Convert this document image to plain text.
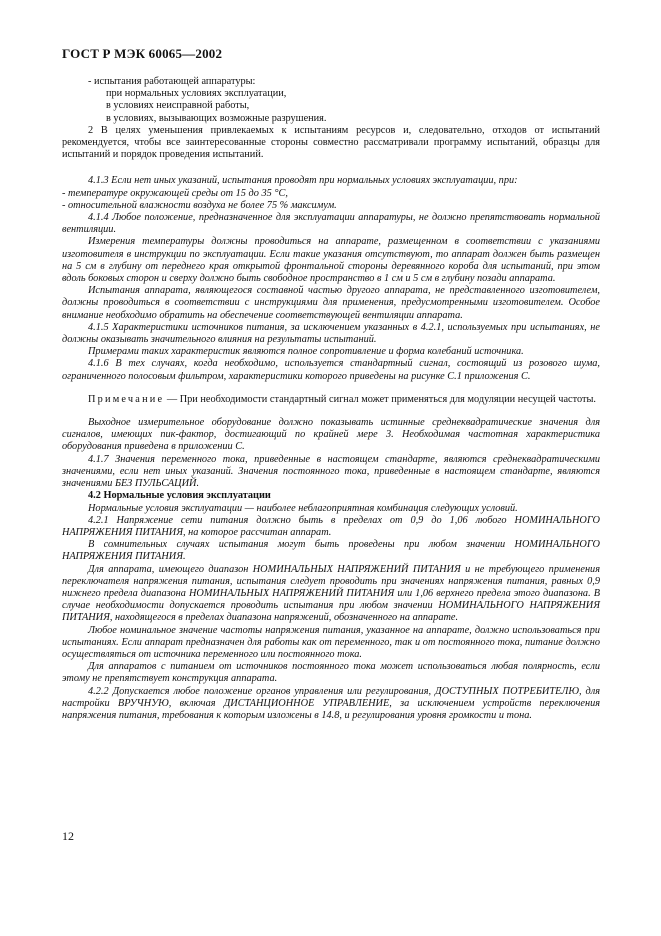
ГОСТ Р МЭК 60065—2002

- испытания работающей аппаратуры:

при нормальных условиях эксплуатации,

в условиях неисправной работы,

в условиях, вызывающих возможные разрушения.

2 В целях уменьшения привлекаемых к испытаниям ресурсов и, следовательно, отходов от испытаний рекомендуется, чтобы все заинтересованные стороны совместно рассматривали программу испытаний, образцы для испытаний и порядок проведения испытаний.

4.1.3 Если нет иных указаний, испытания проводят при нормальных условиях эксплуатации, при:

- температуре окружающей среды от 15 до 35 °С,

- относительной влажности воздуха не более 75 % максимум.

4.1.4 Любое положение, предназначенное для эксплуатации аппаратуры, не должно препятствовать нормальной вентиляции.

Измерения температуры должны проводиться на аппарате, размещенном в соответствии с указаниями изготовителя в инструкции по эксплуатации. Если такие указания отсутствуют, то аппарат должен быть размещен на 5 см в глубину от переднего края открытой фронтальной стороны деревянного короба для испытаний, при этом вдоль боковых сторон и сверху должно быть свободное пространство в 1 см и 5 см в глубину позади аппарата.

Испытания аппарата, являющегося составной частью другого аппарата, не представленного изготовителем, должны проводиться в соответствии с инструкциями для применения, предусмотренными изготовителем. Особое внимание необходимо обратить на обеспечение соответствующей вентиляции аппарата.

4.1.5 Характеристики источников питания, за исключением указанных в 4.2.1, используемых при испытаниях, не должны оказывать значительного влияния на результаты испытаний.

Примерами таких характеристик являются полное сопротивление и форма колебаний источника.

4.1.6 В тех случаях, когда необходимо, используется стандартный сигнал, состоящий из розового шума, ограниченного полосовым фильтром, характеристики которого приведены на рисунке С.1 приложения С.

Примечание — При необходимости стандартный сигнал может применяться для модуляции несущей частоты.

Выходное измерительное оборудование должно показывать истинные среднеквадратические значения для сигналов, имеющих пик-фактор, достигающий по крайней мере 3. Необходимая частотная характеристика оборудования приведена в приложении С.

4.1.7 Значения переменного тока, приведенные в настоящем стандарте, являются среднеквадратическими значениями, если нет иных указаний. Значения постоянного тока, приведенные в настоящем стандарте, являются значениями БЕЗ ПУЛЬСАЦИЙ.

4.2 Нормальные условия эксплуатации

Нормальные условия эксплуатации — наиболее неблагоприятная комбинация следующих условий.

4.2.1 Напряжение сети питания должно быть в пределах от 0,9 до 1,06 любого НОМИНАЛЬНОГО НАПРЯЖЕНИЯ ПИТАНИЯ, на которое рассчитан аппарат.

В сомнительных случаях испытания могут быть проведены при любом значении НОМИНАЛЬНОГО НАПРЯЖЕНИЯ ПИТАНИЯ.

Для аппарата, имеющего диапазон НОМИНАЛЬНЫХ НАПРЯЖЕНИЙ ПИТАНИЯ и не требующего применения переключателя напряжения питания, испытания следует проводить при значениях напряжения питания, равных 0,9 нижнего предела диапазона НОМИНАЛЬНЫХ НАПРЯЖЕНИЙ ПИТАНИЯ или 1,06 верхнего предела этого диапазона. В случае необходимости допускается проводить испытания при любом значении НОМИНАЛЬНОГО НАПРЯЖЕНИЯ ПИТАНИЯ, находящегося в пределах диапазона напряжений, обозначенного на аппарате.

Любое номинальное значение частоты напряжения питания, указанное на аппарате, должно использоваться при испытаниях. Если аппарат предназначен для работы как от переменного, так и от постоянного тока, питание должно осуществляться от источника переменного или постоянного тока.

Для аппаратов с питанием от источников постоянного тока может использоваться любая полярность, если этому не препятствует конструкция аппарата.

4.2.2 Допускается любое положение органов управления или регулирования, ДОСТУПНЫХ ПОТРЕБИТЕЛЮ, для настройки ВРУЧНУЮ, включая ДИСТАНЦИОННОЕ УПРАВЛЕНИЕ, за исключением устройств переключения напряжения питания, требования к которым изложены в 14.8, и регулирования уровня громкости и тона.

12
